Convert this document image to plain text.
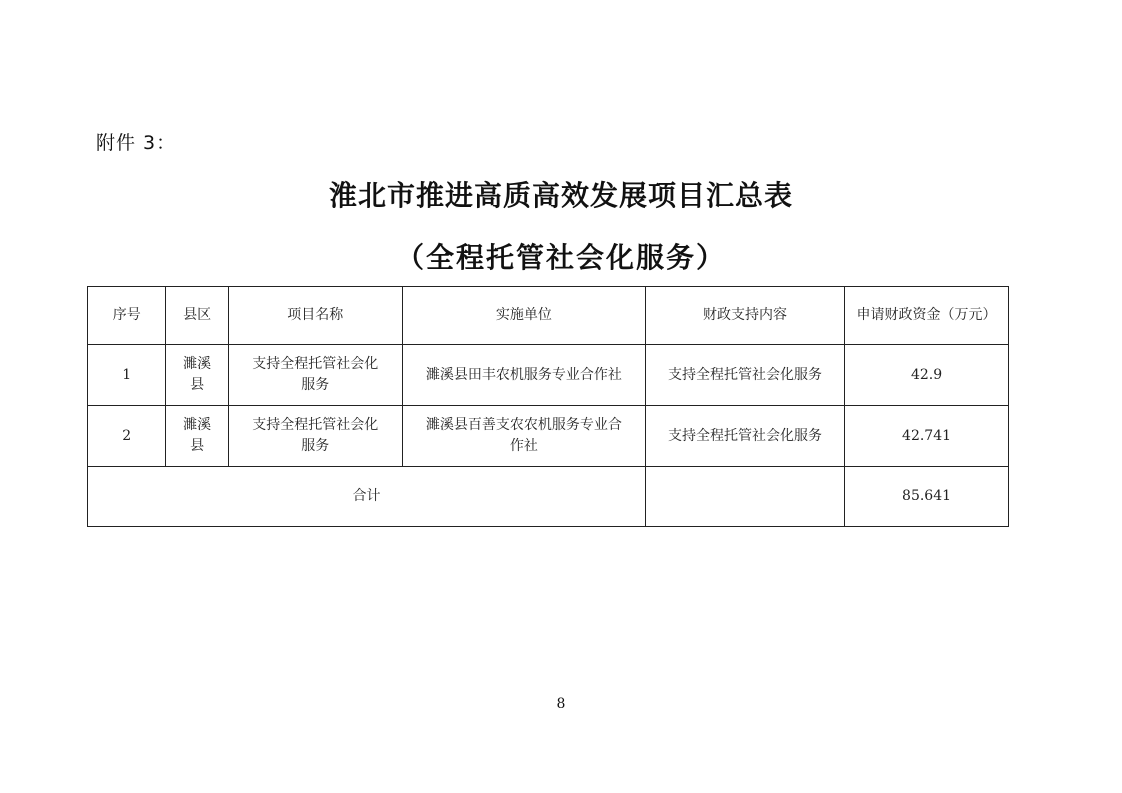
附件 3：
淮北市推进高质高效发展项目汇总表
（全程托管社会化服务）
序号	县区	项目名称	实施单位	财政支持内容	申请财政资金（万元）
1	濉溪县	支持全程托管社会化服务	濉溪县田丰农机服务专业合作社	支持全程托管社会化服务	42.9
2	濉溪县	支持全程托管社会化服务	濉溪县百善支农农机服务专业合作社	支持全程托管社会化服务	42.741
合计					85.641
8
